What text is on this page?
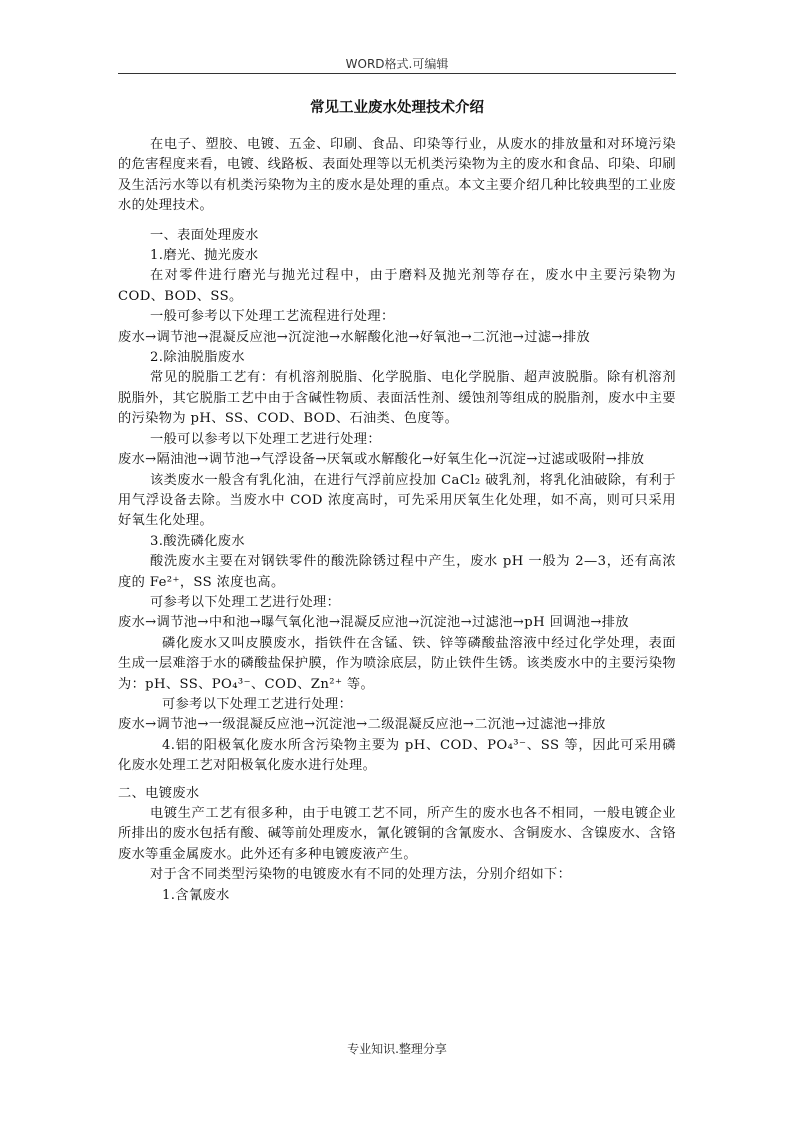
WORD格式.可编辑
常见工业废水处理技术介绍

在电子、塑胶、电镀、五金、印刷、食品、印染等行业，从废水的排放量和对环境污染的危害程度来看，电镀、线路板、表面处理等以无机类污染物为主的废水和食品、印染、印刷及生活污水等以有机类污染物为主的废水是处理的重点。本文主要介绍几种比较典型的工业废水的处理技术。

一、表面处理废水

1.磨光、抛光废水

在对零件进行磨光与抛光过程中，由于磨料及抛光剂等存在，废水中主要污染物为 COD、BOD、SS。

一般可参考以下处理工艺流程进行处理：

废水→调节池→混凝反应池→沉淀池→水解酸化池→好氧池→二沉池→过滤→排放

2.除油脱脂废水

常见的脱脂工艺有：有机溶剂脱脂、化学脱脂、电化学脱脂、超声波脱脂。除有机溶剂脱脂外，其它脱脂工艺中由于含碱性物质、表面活性剂、缓蚀剂等组成的脱脂剂，废水中主要的污染物为 pH、SS、COD、BOD、石油类、色度等。

一般可以参考以下处理工艺进行处理：

废水→隔油池→调节池→气浮设备→厌氧或水解酸化→好氧生化→沉淀→过滤或吸附→排放

该类废水一般含有乳化油，在进行气浮前应投加 CaCl₂ 破乳剂，将乳化油破除，有利于用气浮设备去除。当废水中 COD 浓度高时，可先采用厌氧生化处理，如不高，则可只采用好氧生化处理。

3.酸洗磷化废水

酸洗废水主要在对钢铁零件的酸洗除锈过程中产生，废水 pH 一般为 2—3，还有高浓度的 Fe²⁺，SS 浓度也高。

可参考以下处理工艺进行处理：

废水→调节池→中和池→曝气氧化池→混凝反应池→沉淀池→过滤池→pH 回调池→排放

磷化废水又叫皮膜废水，指铁件在含锰、铁、锌等磷酸盐溶液中经过化学处理，表面生成一层难溶于水的磷酸盐保护膜，作为喷涂底层，防止铁件生锈。该类废水中的主要污染物为：pH、SS、PO₄³⁻、COD、Zn²⁺ 等。

可参考以下处理工艺进行处理：

废水→调节池→一级混凝反应池→沉淀池→二级混凝反应池→二沉池→过滤池→排放

4.铝的阳极氧化废水所含污染物主要为 pH、COD、PO₄³⁻、SS 等，因此可采用磷化废水处理工艺对阳极氧化废水进行处理。

二、电镀废水

电镀生产工艺有很多种，由于电镀工艺不同，所产生的废水也各不相同，一般电镀企业所排出的废水包括有酸、碱等前处理废水，氰化镀铜的含氰废水、含铜废水、含镍废水、含铬废水等重金属废水。此外还有多种电镀废液产生。

对于含不同类型污染物的电镀废水有不同的处理方法，分别介绍如下：

1.含氰废水

专业知识.整理分享
